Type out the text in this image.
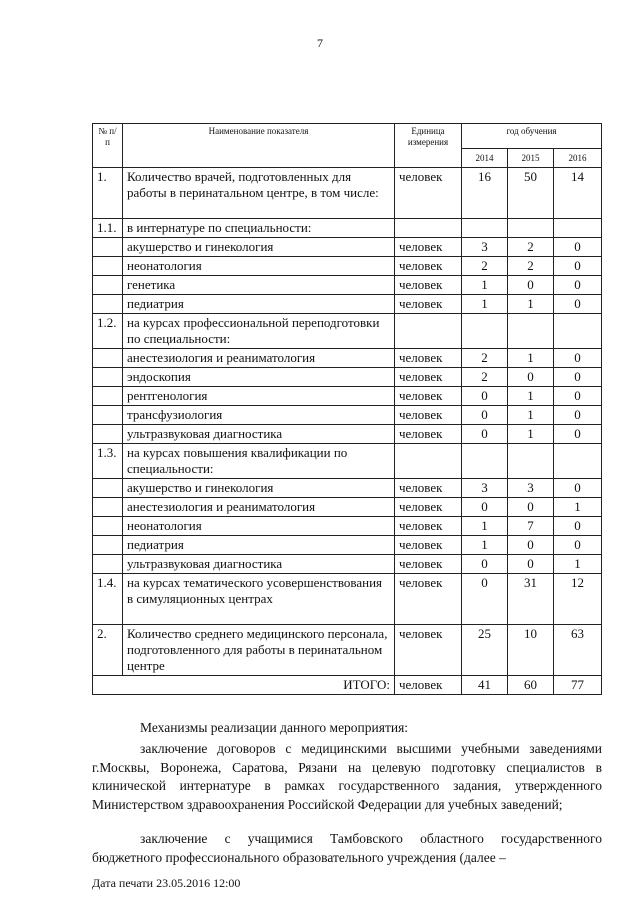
7
№ п/п	Наименование показателя	Единица измерения	год обучения		
			2014	2015	2016
1.	Количество врачей, подготовленных для работы в перинатальном центре, в том числе:	человек	16	50	14
1.1.	в интернатуре по специальности:				
	акушерство и гинекология	человек	3	2	0
	неонатология	человек	2	2	0
	генетика	человек	1	0	0
	педиатрия	человек	1	1	0
1.2.	на курсах профессиональной переподготовки по специальности:				
	анестезиология и реаниматология	человек	2	1	0
	эндоскопия	человек	2	0	0
	рентгенология	человек	0	1	0
	трансфузиология	человек	0	1	0
	ультразвуковая диагностика	человек	0	1	0
1.3.	на курсах повышения квалификации по специальности:				
	акушерство и гинекология	человек	3	3	0
	анестезиология и реаниматология	человек	0	0	1
	неонатология	человек	1	7	0
	педиатрия	человек	1	0	0
	ультразвуковая диагностика	человек	0	0	1
1.4.	на курсах тематического усовершенствования в симуляционных центрах	человек	0	31	12
2.	Количество среднего медицинского персонала, подготовленного для работы в перинатальном центре	человек	25	10	63
ИТОГО:		человек	41	60	77
Механизмы реализации данного мероприятия:
заключение договоров с медицинскими высшими учебными заведениями г.Москвы, Воронежа, Саратова, Рязани на целевую подготовку специалистов в клинической интернатуре в рамках государственного задания, утвержденного Министерством здравоохранения Российской Федерации для учебных заведений;
заключение с учащимися Тамбовского областного государственного бюджетного профессионального образовательного учреждения (далее –
Дата печати 23.05.2016 12:00
